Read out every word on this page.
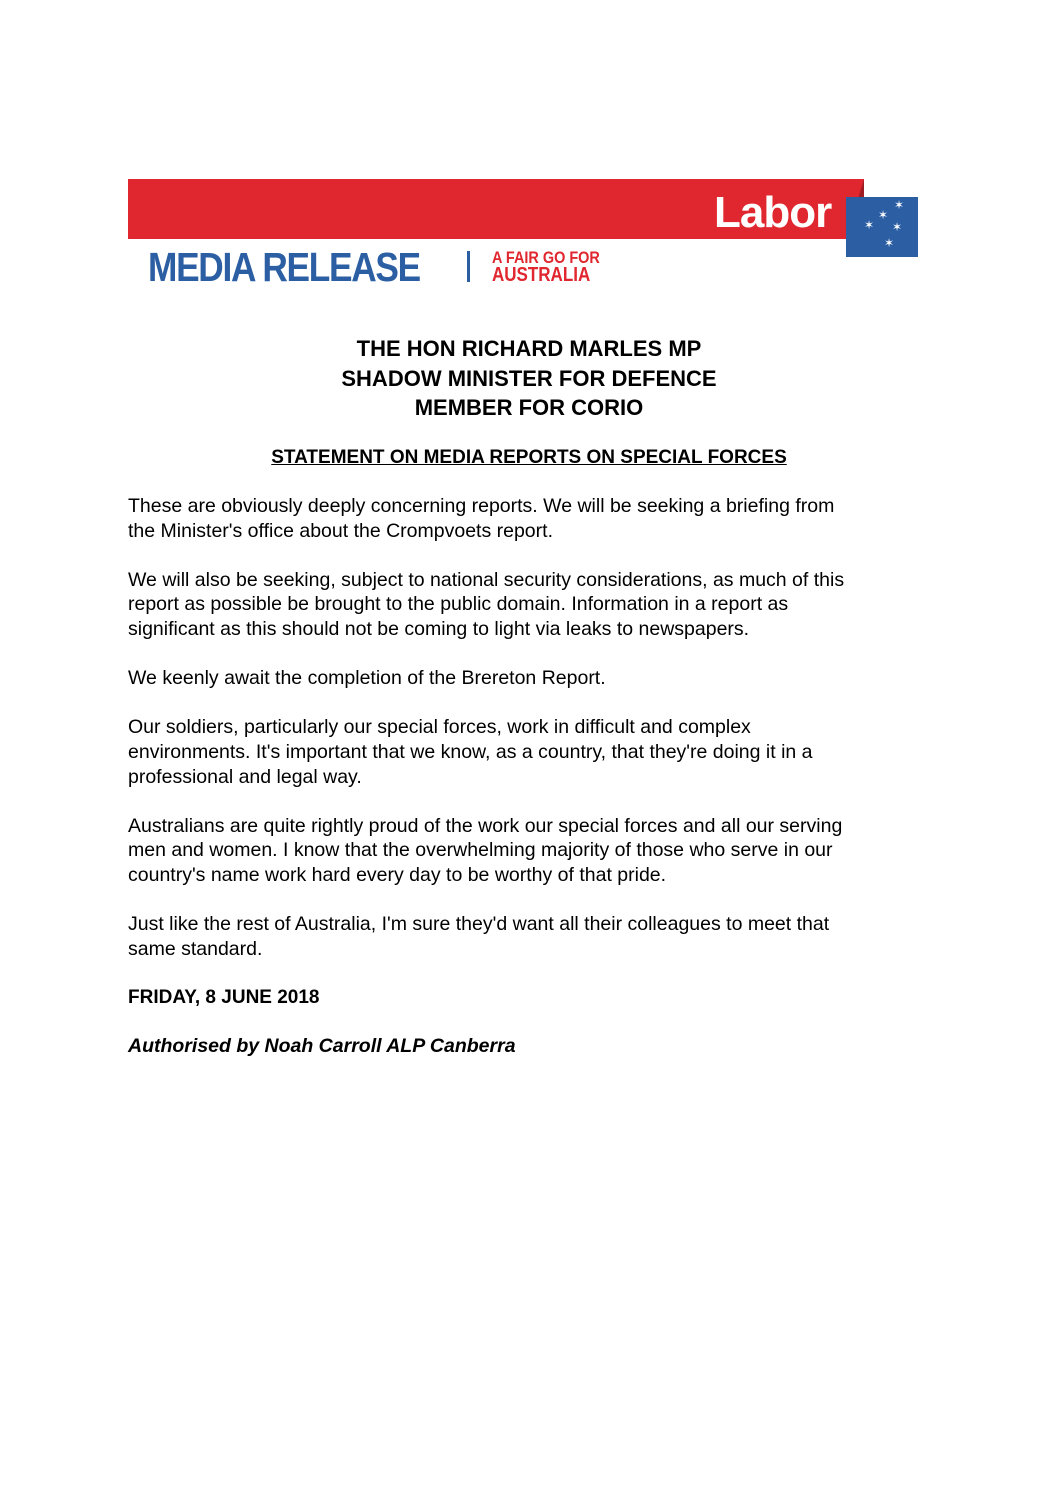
✶
✶
✶
✶
✶
Labor
MEDIA RELEASE	A FAIR GO FOR
AUSTRALIA
THE HON RICHARD MARLES MP
SHADOW MINISTER FOR DEFENCE
MEMBER FOR CORIO
STATEMENT ON MEDIA REPORTS ON SPECIAL FORCES

These are obviously deeply concerning reports. We will be seeking a briefing from
the Minister's office about the Crompvoets report.

We will also be seeking, subject to national security considerations, as much of this
report as possible be brought to the public domain. Information in a report as
significant as this should not be coming to light via leaks to newspapers.

We keenly await the completion of the Brereton Report.

Our soldiers, particularly our special forces, work in difficult and complex
environments. It's important that we know, as a country, that they're doing it in a
professional and legal way.

Australians are quite rightly proud of the work our special forces and all our serving
men and women. I know that the overwhelming majority of those who serve in our
country's name work hard every day to be worthy of that pride.

Just like the rest of Australia, I'm sure they'd want all their colleagues to meet that
same standard.

FRIDAY, 8 JUNE 2018
Authorised by Noah Carroll ALP Canberra
